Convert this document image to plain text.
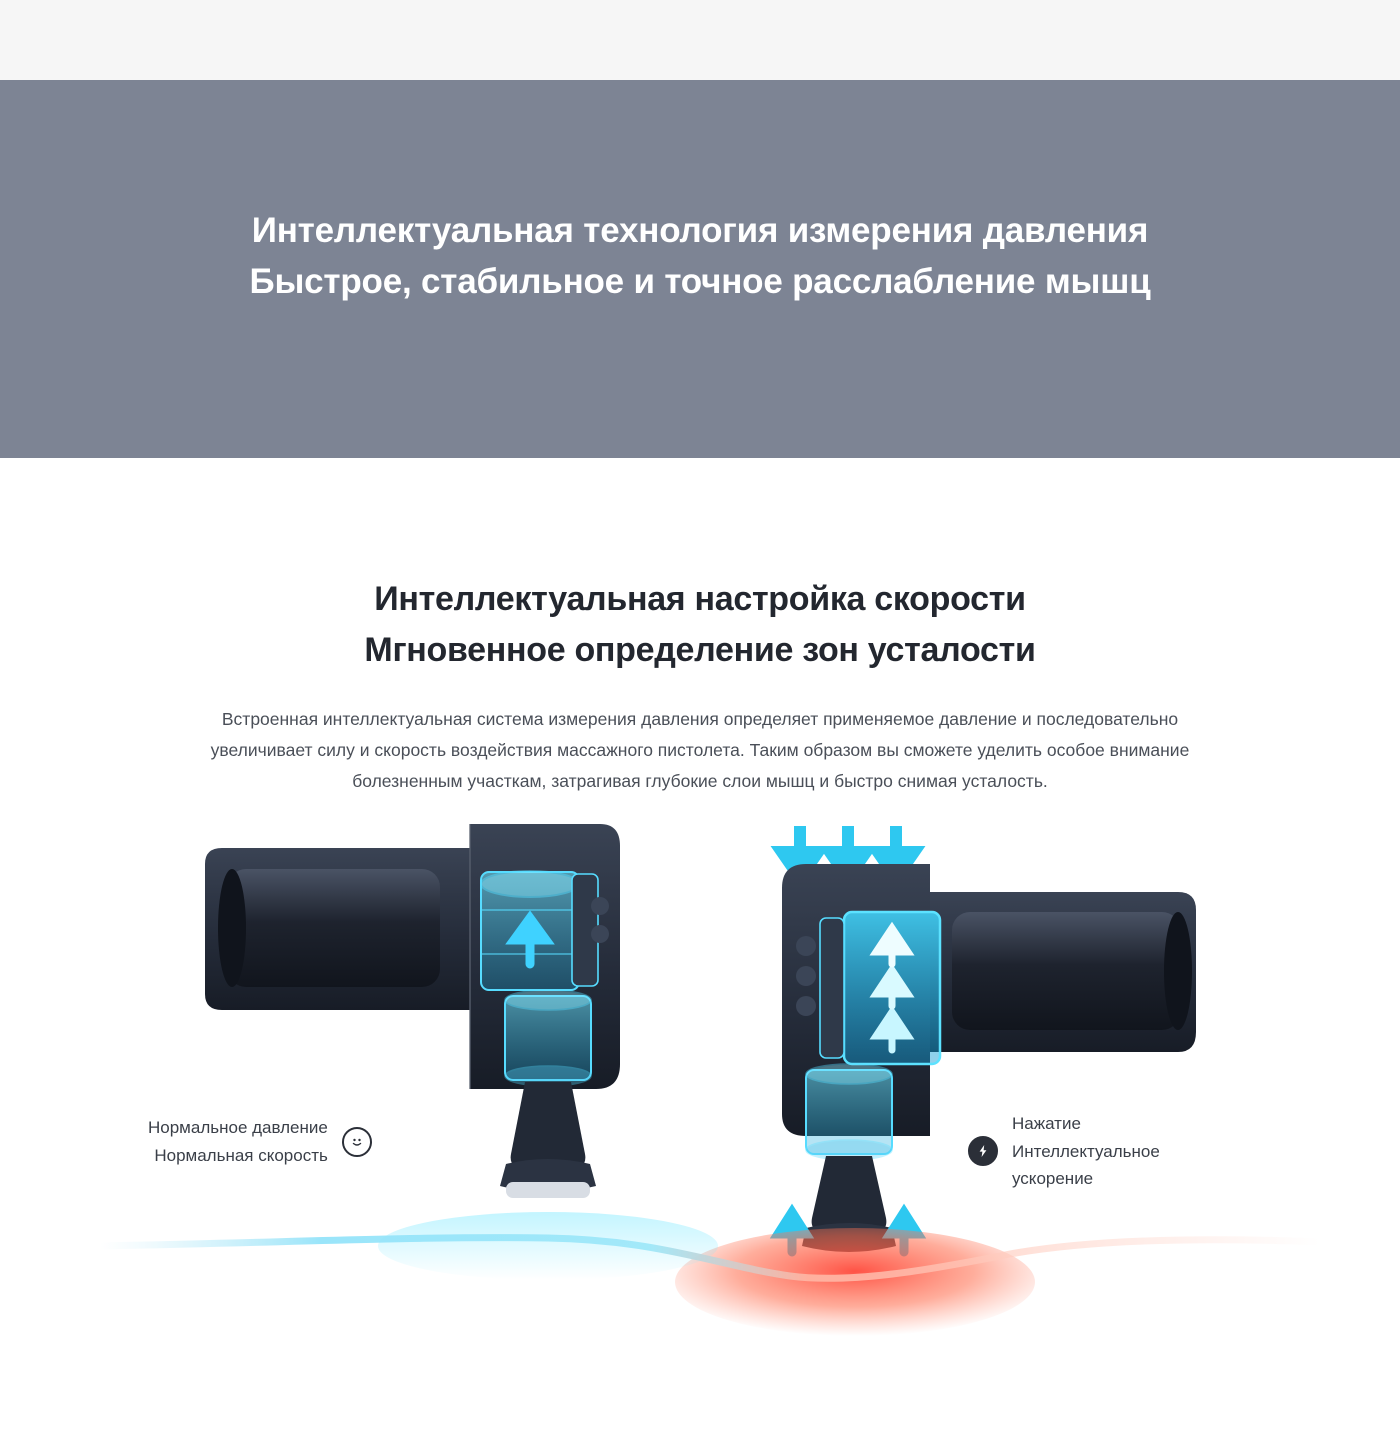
Интеллектуальная технология измерения давления
Быстрое, стабильное и точное расслабление мышц
Интеллектуальная настройка скорости
Мгновенное определение зон усталости

Встроенная интеллектуальная система измерения давления определяет применяемое давление и последовательно увеличивает силу и скорость воздействия массажного пистолета. Таким образом вы сможете уделить особое внимание болезненным участкам, затрагивая глубокие слои мышц и быстро снимая усталость.

Нормальное давление
Нормальная скорость
Нажатие
Интеллектуальное
ускорение
